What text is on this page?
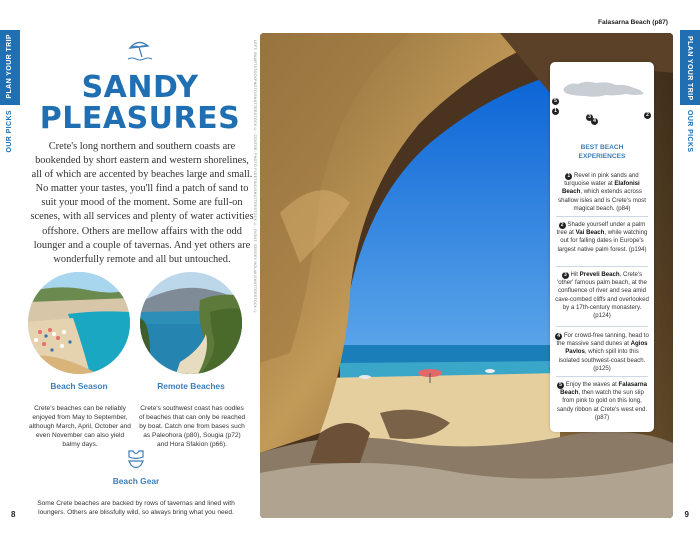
PLAN YOUR TRIP
OUR PICKS
PLAN YOUR TRIP
OUR PICKS
SANDY
PLEASURES

Crete's long northern and southern coasts are bookended by short eastern and western shorelines, all of which are accented by beaches large and small. No matter your tastes, you'll find a patch of sand to suit your mood of the moment. Some are full-on scenes, with all services and plenty of water activities offshore. Others are mellow affairs with the odd lounger and a couple of tavernas. And yet others are wonderfully remote and all but untouched.

Beach Season	Remote Beaches

Crete's beaches can be reliably enjoyed from May to September, although March, April, October and even November can also yield balmy days.

Crete's southwest coast has oodles of beaches that can only be reached by boat. Catch one from bases such as Paleohora (p80), Sougia (p72) and Hora Sfakion (p66).

Beach Gear

Some Crete beaches are backed by rows of tavernas and lined with loungers. Others are blissfully wild, so always bring what you need.

LEFT: SMARTSTOCKPHOTO/SHUTTERSTOCK ©; CENTRE: PHOTO FLEETINO/SHUTTERSTOCK ©; RIGHT: SERGEY HOLAK/SHUTTERSTOCK ©
8
Falasarna Beach (p87)
5
1
3
4
2
BEST BEACH
EXPERIENCES

1 Revel in pink sands and turquoise water at Elafonisi Beach, which extends across shallow isles and is Crete's most magical beach. (p84)

2 Shade yourself under a palm tree at Vai Beach, while watching out for falling dates in Europe's largest native palm forest. (p194)

3 Hit Preveli Beach, Crete's 'other' famous palm beach, at the confluence of river and sea amid cave-combed cliffs and overlooked by a 17th-century monastery. (p124)

4 For crowd-free tanning, head to the massive sand dunes at Agios Pavlos, which spill into this isolated southwest-coast beach. (p125)

5 Enjoy the waves at Falasarna Beach, then watch the sun slip from pink to gold on this long, sandy ribbon at Crete's west end. (p87)

9
